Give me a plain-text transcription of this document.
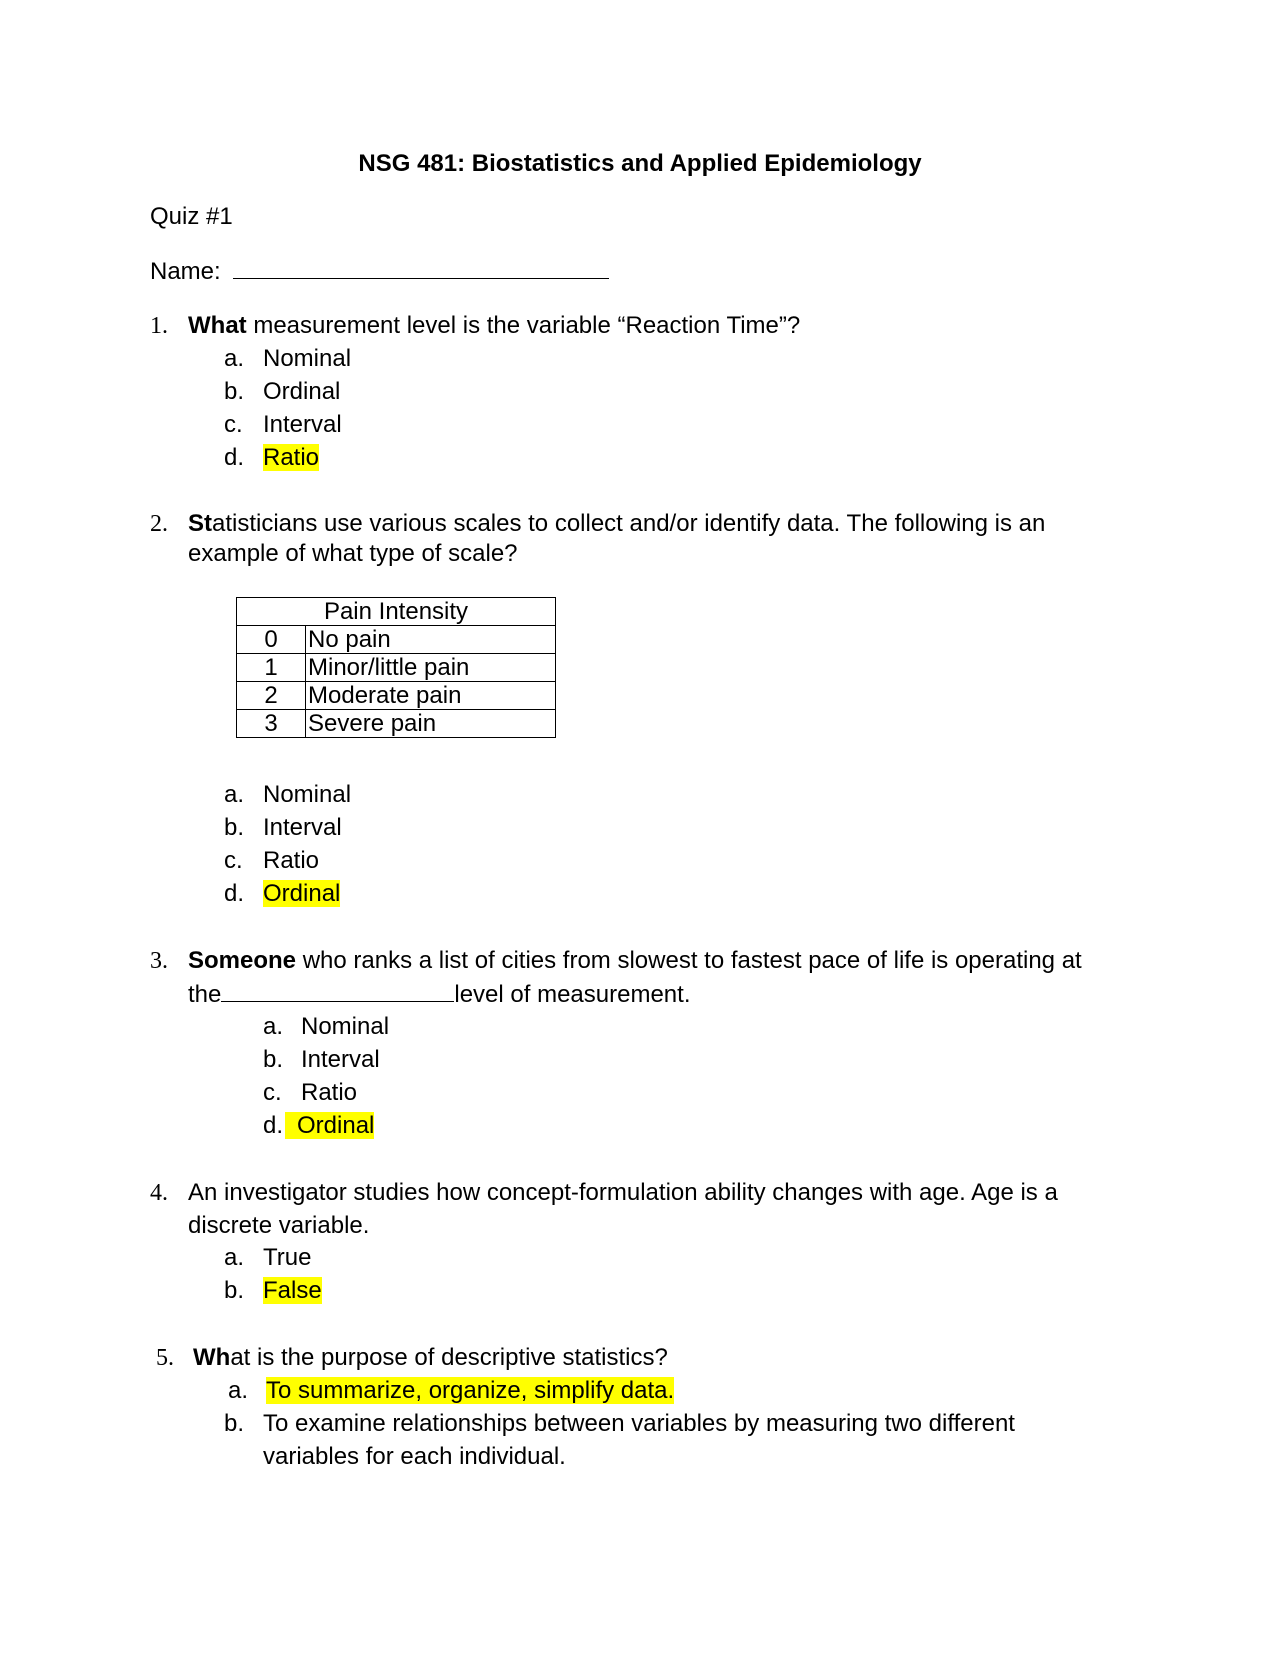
NSG 481: Biostatistics and Applied Epidemiology
Quiz #1
Name:
1. What measurement level is the variable “Reaction Time”?
a. Nominal
b. Ordinal
c. Interval
d. Ratio
2. Statisticians use various scales to collect and/or identify data. The following is an
example of what type of scale?
Pain Intensity	
0	No pain
1	Minor/little pain
2	Moderate pain
3	Severe pain
a. Nominal
b. Interval
c. Ratio
d. Ordinal
3. Someone who ranks a list of cities from slowest to fastest pace of life is operating at
the	level of measurement.
a. Nominal
b. Interval
c. Ratio
d. Ordinal
4. An investigator studies how concept-formulation ability changes with age. Age is a
discrete variable.
a. True
b. False
5. What is the purpose of descriptive statistics?
a. To summarize, organize, simplify data.
b. To examine relationships between variables by measuring two different
variables for each individual.
